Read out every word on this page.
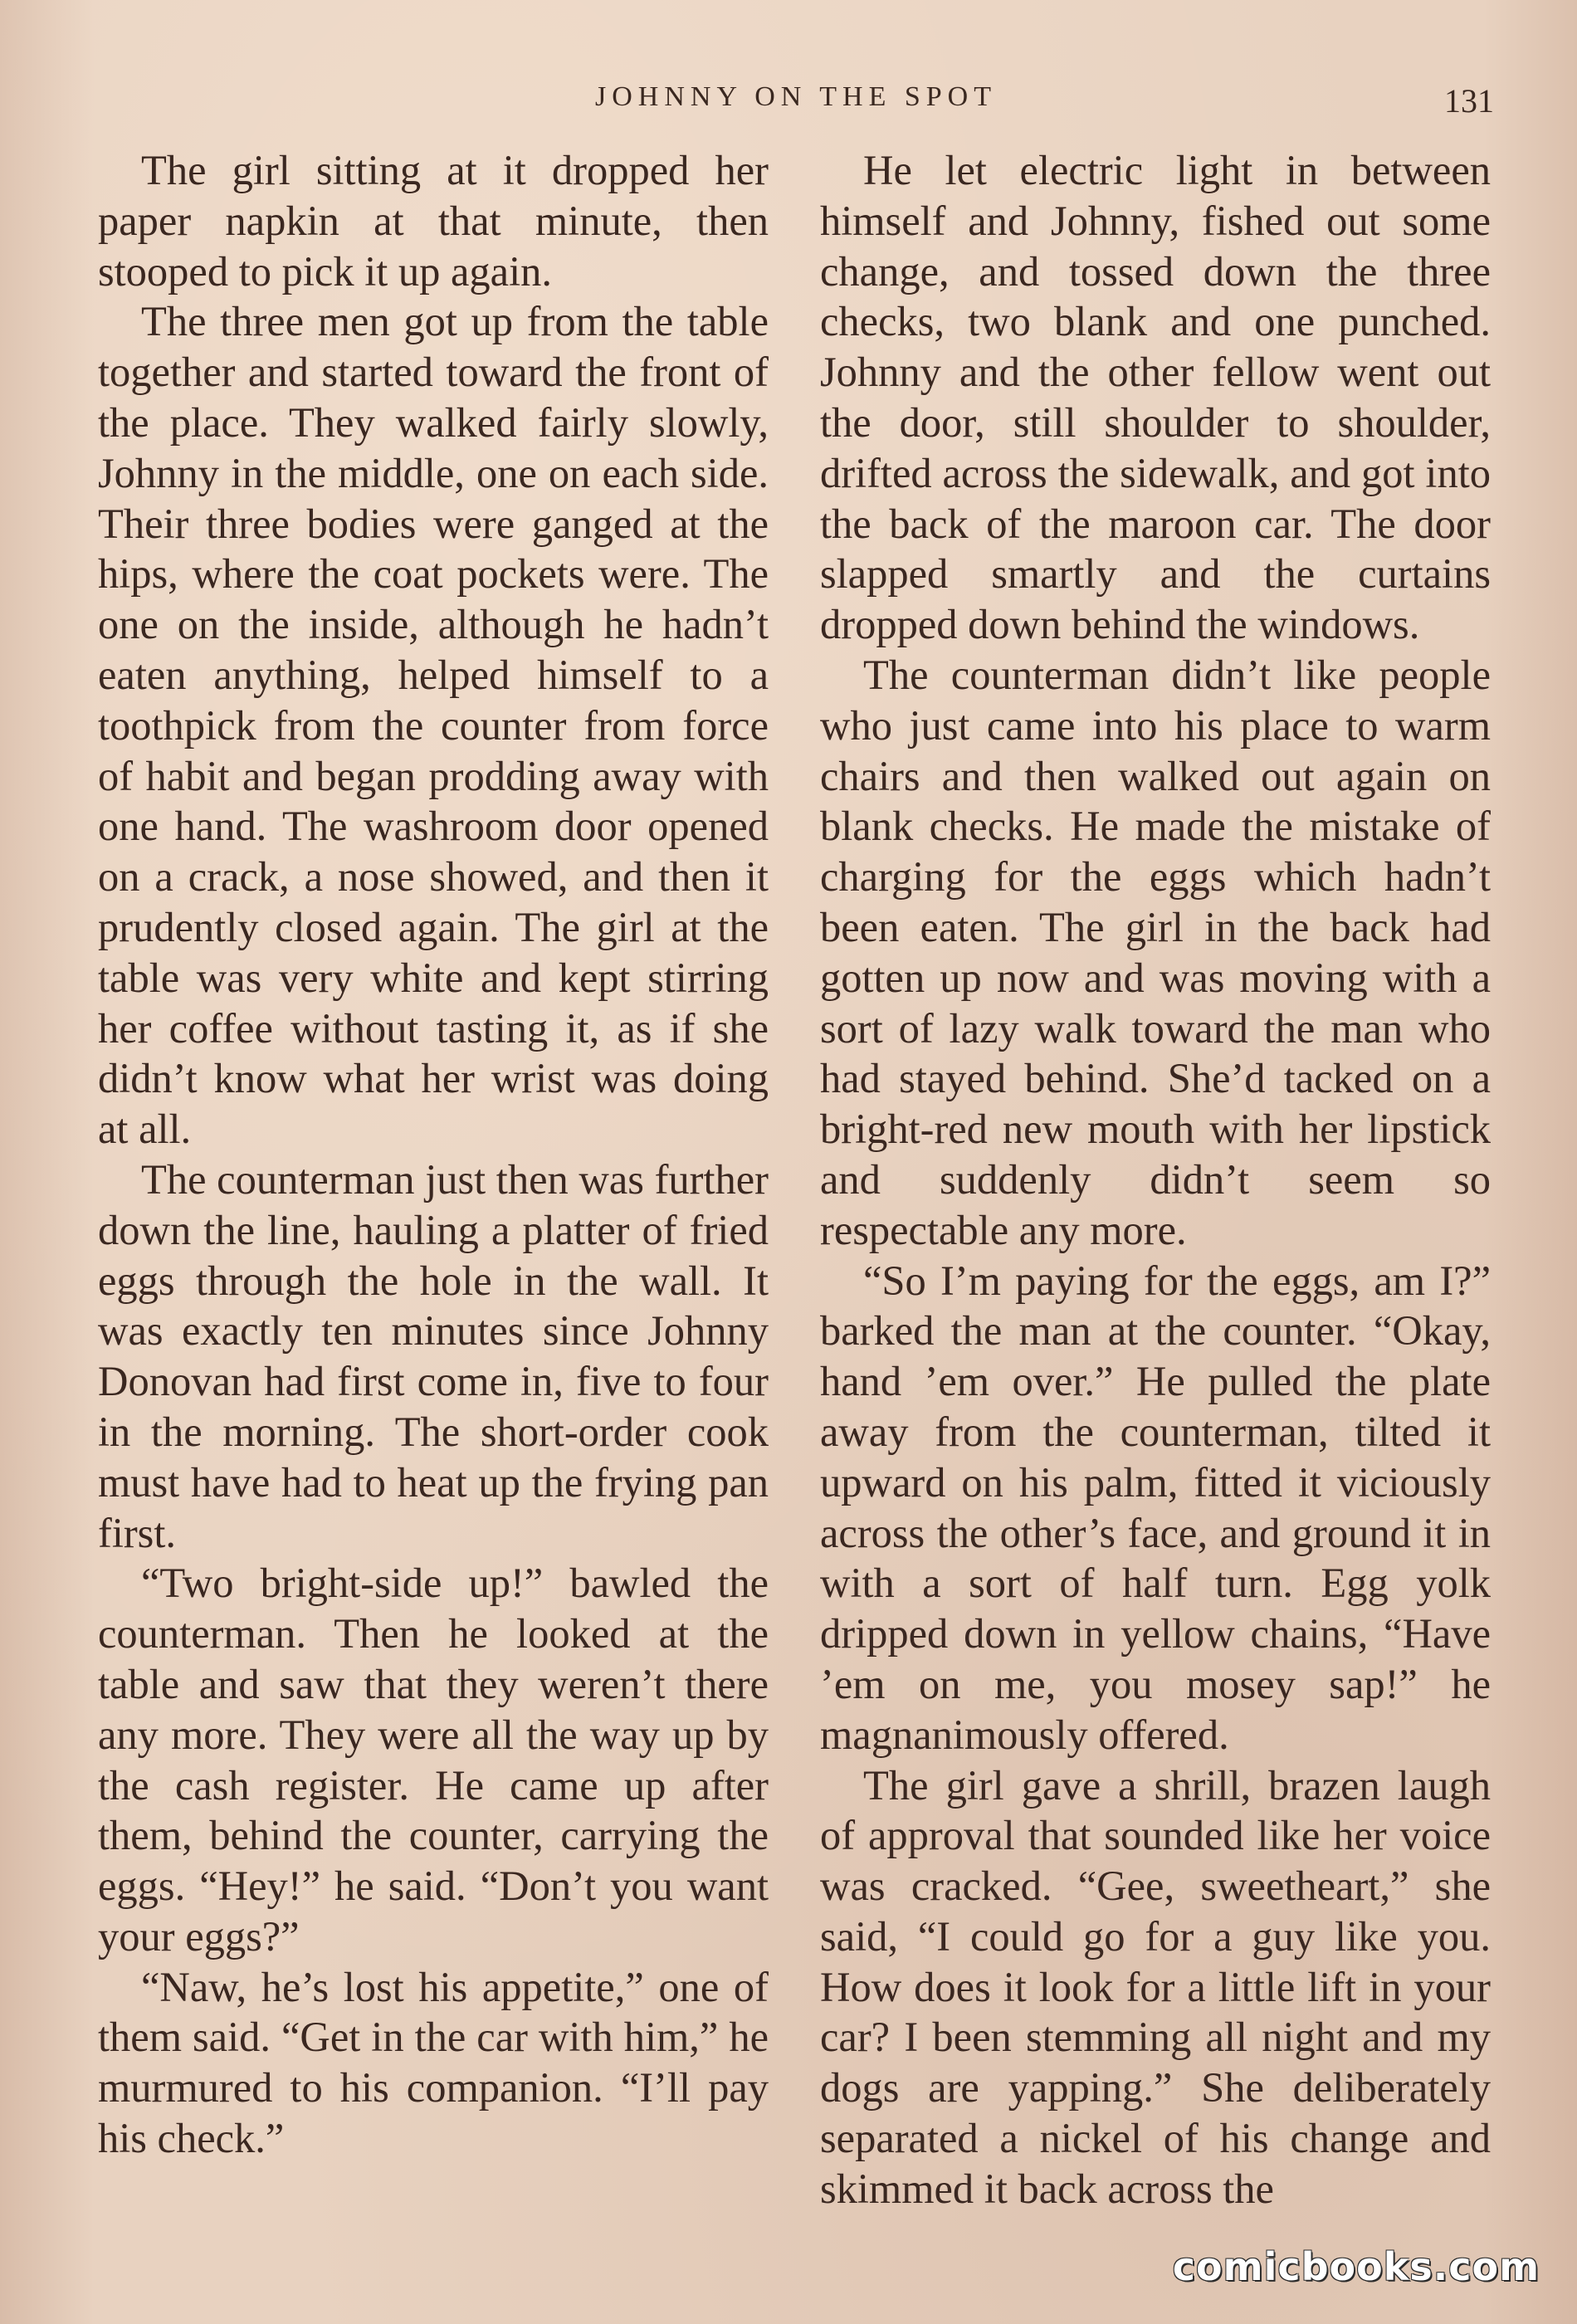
JOHNNY ON THE SPOT	131

The girl sitting at it dropped her paper napkin at that minute, then stooped to pick it up again.

The three men got up from the table together and started toward the front of the place. They walked fairly slowly, Johnny in the middle, one on each side. Their three bodies were ganged at the hips, where the coat pockets were. The one on the inside, although he hadn’t eaten anything, helped himself to a toothpick from the counter from force of habit and began prodding away with one hand. The washroom door opened on a crack, a nose showed, and then it prudently closed again. The girl at the table was very white and kept stirring her coffee without tasting it, as if she didn’t know what her wrist was doing at all.

The counterman just then was further down the line, hauling a platter of fried eggs through the hole in the wall. It was exactly ten minutes since Johnny Donovan had first come in, five to four in the morning. The short-order cook must have had to heat up the frying pan first.

“Two bright-side up!” bawled the counterman. Then he looked at the table and saw that they weren’t there any more. They were all the way up by the cash register. He came up after them, behind the counter, carrying the eggs. “Hey!” he said. “Don’t you want your eggs?”

“Naw, he’s lost his appetite,” one of them said. “Get in the car with him,” he murmured to his companion. “I’ll pay his check.”

He let electric light in between himself and Johnny, fished out some change, and tossed down the three checks, two blank and one punched. Johnny and the other fellow went out the door, still shoulder to shoulder, drifted across the sidewalk, and got into the back of the maroon car. The door slapped smartly and the curtains dropped down behind the windows.

The counterman didn’t like people who just came into his place to warm chairs and then walked out again on blank checks. He made the mistake of charging for the eggs which hadn’t been eaten. The girl in the back had gotten up now and was moving with a sort of lazy walk toward the man who had stayed behind. She’d tacked on a bright-red new mouth with her lipstick and suddenly didn’t seem so respectable any more.

“So I’m paying for the eggs, am I?” barked the man at the counter. “Okay, hand ’em over.” He pulled the plate away from the counterman, tilted it upward on his palm, fitted it viciously across the other’s face, and ground it in with a sort of half turn. Egg yolk dripped down in yellow chains, “Have ’em on me, you mosey sap!” he magnanimously offered.

The girl gave a shrill, brazen laugh of approval that sounded like her voice was cracked. “Gee, sweetheart,” she said, “I could go for a guy like you. How does it look for a little lift in your car? I been stemming all night and my dogs are yapping.” She deliberately separated a nickel of his change and skimmed it back across the

comicbooks.com
